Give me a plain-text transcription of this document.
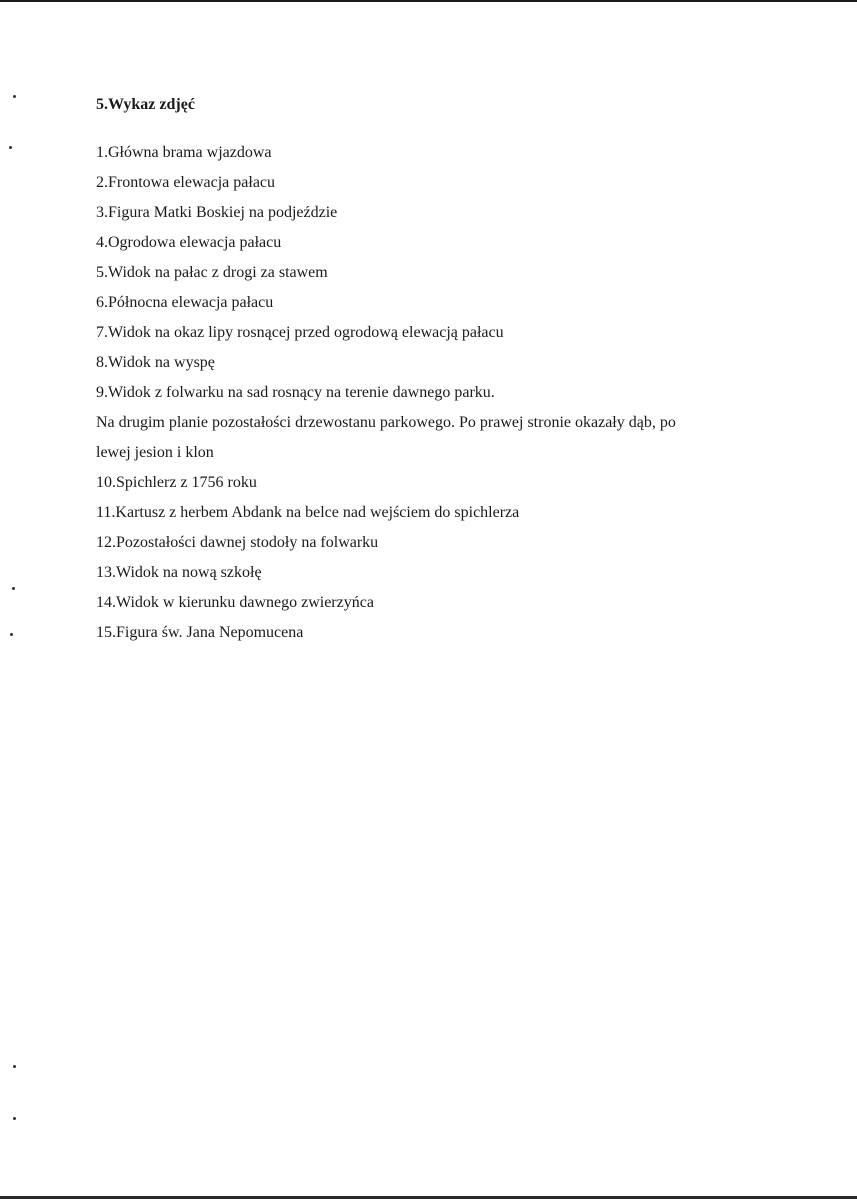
5.Wykaz zdjęć
1.Główna brama wjazdowa
2.Frontowa elewacja pałacu
3.Figura Matki Boskiej na podjeździe
4.Ogrodowa elewacja pałacu
5.Widok na pałac z drogi za stawem
6.Północna elewacja pałacu
7.Widok na okaz lipy rosnącej przed ogrodową elewacją pałacu
8.Widok na wyspę
9.Widok z folwarku na sad rosnący na terenie dawnego parku.
Na drugim planie pozostałości drzewostanu parkowego. Po prawej stronie okazały dąb, po
lewej jesion i klon
10.Spichlerz z 1756 roku
11.Kartusz z herbem Abdank na belce nad wejściem do spichlerza
12.Pozostałości dawnej stodoły na folwarku
13.Widok na nową szkołę
14.Widok w kierunku dawnego zwierzyńca
15.Figura św. Jana Nepomucena
